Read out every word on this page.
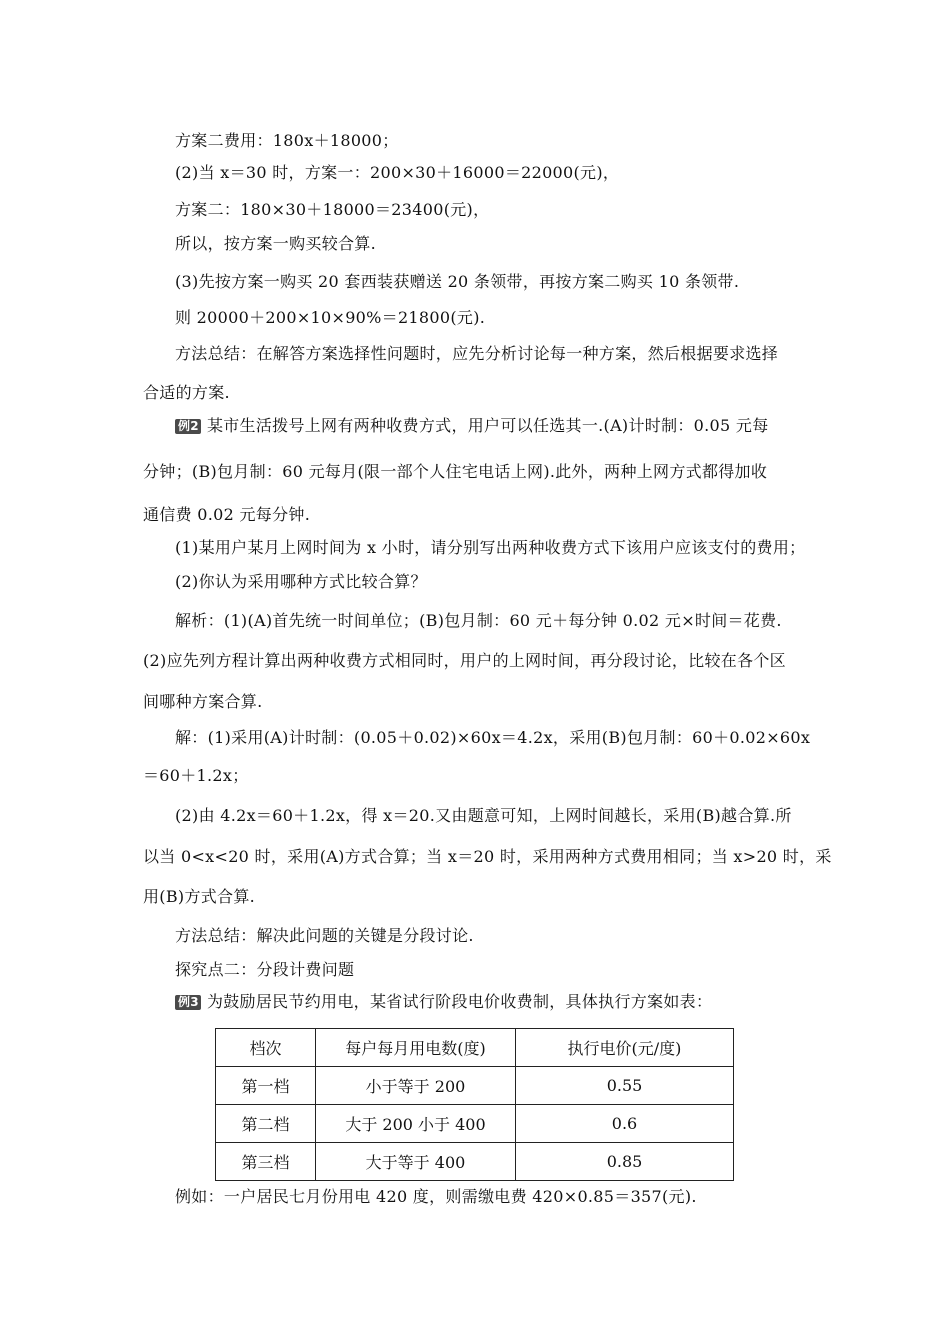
方案二费用：180x＋18000；
(2)当 x＝30 时，方案一：200×30＋16000＝22000(元)，
方案二：180×30＋18000＝23400(元)，
所以，按方案一购买较合算.
(3)先按方案一购买 20 套西装获赠送 20 条领带，再按方案二购买 10 条领带.
则 20000＋200×10×90%＝21800(元).
方法总结：在解答方案选择性问题时，应先分析讨论每一种方案，然后根据要求选择
合适的方案.
例2 某市生活拨号上网有两种收费方式，用户可以任选其一.(A)计时制：0.05 元每
分钟；(B)包月制：60 元每月(限一部个人住宅电话上网).此外，两种上网方式都得加收
通信费 0.02 元每分钟.
(1)某用户某月上网时间为 x 小时，请分别写出两种收费方式下该用户应该支付的费用；
(2)你认为采用哪种方式比较合算？
解析：(1)(A)首先统一时间单位；(B)包月制：60 元＋每分钟 0.02 元×时间＝花费.
(2)应先列方程计算出两种收费方式相同时，用户的上网时间，再分段讨论，比较在各个区
间哪种方案合算.
解：(1)采用(A)计时制：(0.05＋0.02)×60x＝4.2x，采用(B)包月制：60＋0.02×60x
＝60＋1.2x；
(2)由 4.2x＝60＋1.2x，得 x＝20.又由题意可知，上网时间越长，采用(B)越合算.所
以当 0<x<20 时，采用(A)方式合算；当 x＝20 时，采用两种方式费用相同；当 x>20 时，采
用(B)方式合算.
方法总结：解决此问题的关键是分段讨论.
探究点二：分段计费问题
例3 为鼓励居民节约用电，某省试行阶段电价收费制，具体执行方案如表：
档次	每户每月用电数(度)	执行电价(元/度)
第一档	小于等于 200	0.55
第二档	大于 200 小于 400	0.6
第三档	大于等于 400	0.85
例如：一户居民七月份用电 420 度，则需缴电费 420×0.85＝357(元).
